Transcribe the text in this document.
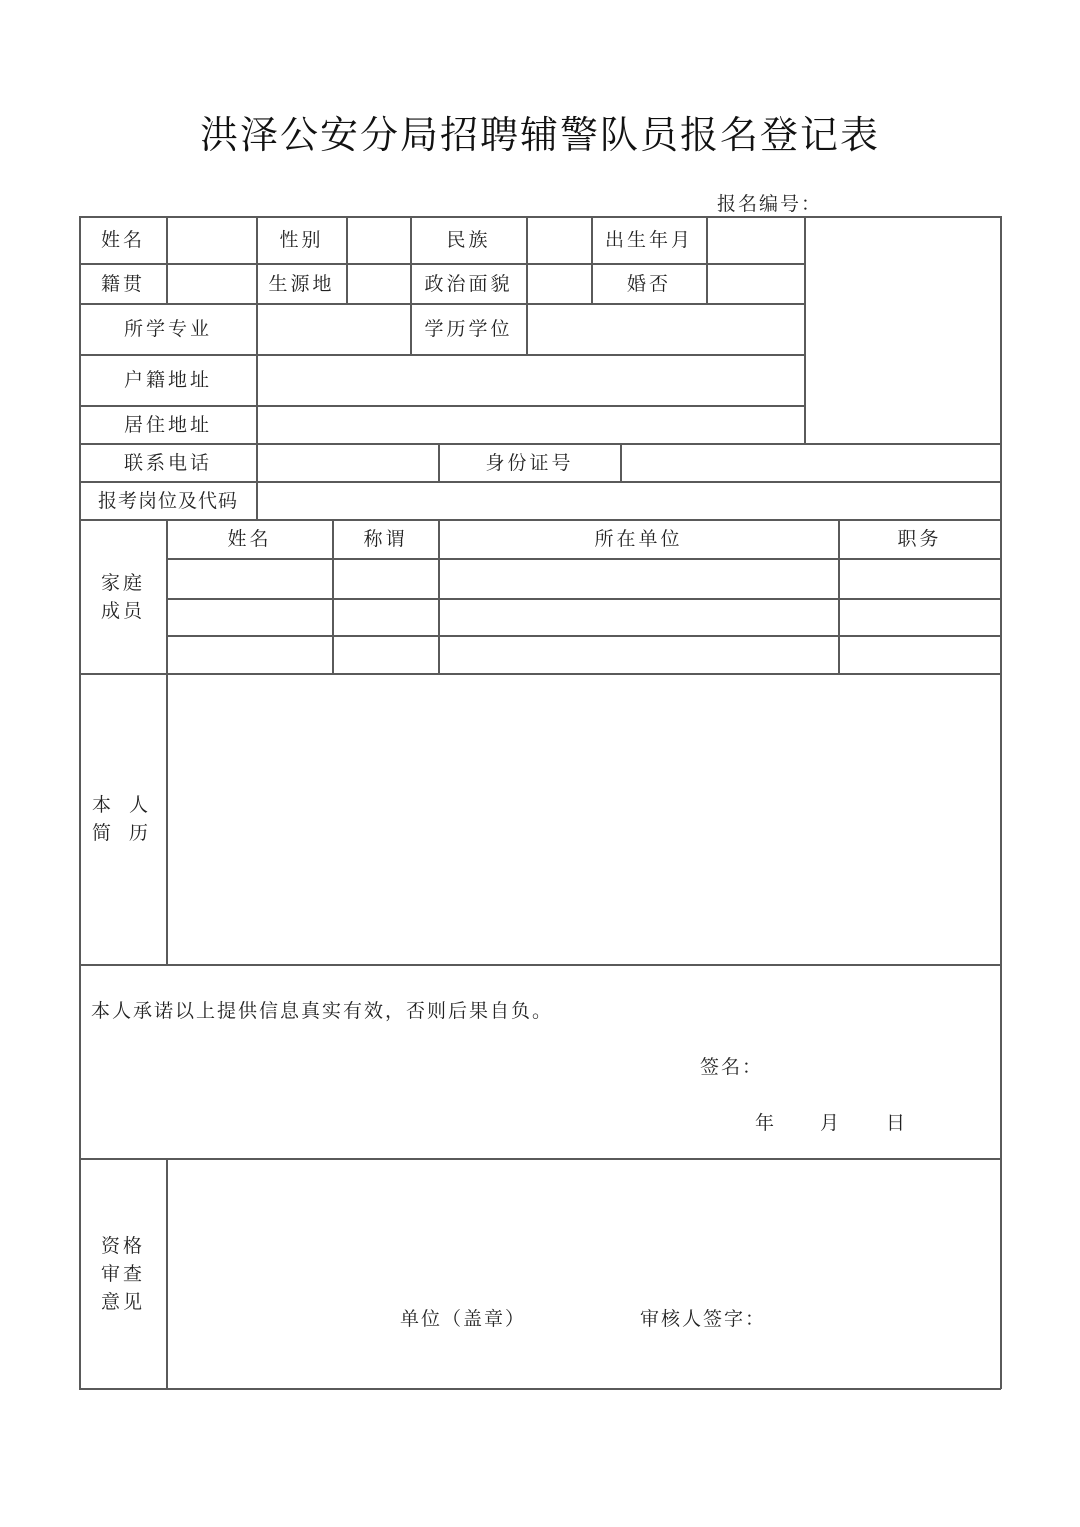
洪泽公安分局招聘辅警队员报名登记表
报名编号：
姓名	性别	民族	出生年月
籍贯	生源地	政治面貌	婚否
所学专业	学历学位
户籍地址
居住地址
联系电话	身份证号
报考岗位及代码
家庭
成员
姓名	称谓	所在单位	职务
本 人
简 历
本人承诺以上提供信息真实有效，否则后果自负。
签名：
年 月 日
资格
审查
意见
单位（盖章）	审核人签字：
